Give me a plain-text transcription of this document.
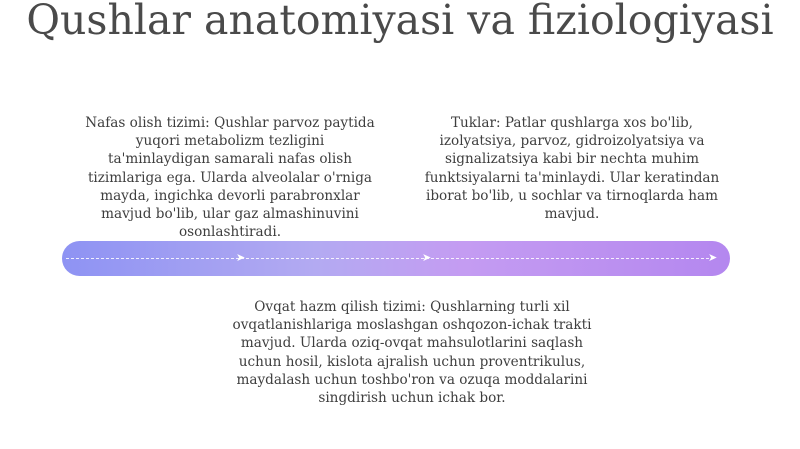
Qushlar anatomiyasi va fiziologiyasi
Nafas olish tizimi: Qushlar parvoz paytida yuqori metabolizm tezligini ta'minlaydigan samarali nafas olish tizimlariga ega. Ularda alveolalar o'rniga mayda, ingichka devorli parabronxlar mavjud bo'lib, ular gaz almashinuvini osonlashtiradi.
Tuklar: Patlar qushlarga xos bo'lib, izolyatsiya, parvoz, gidroizolyatsiya va signalizatsiya kabi bir nechta muhim funktsiyalarni ta'minlaydi. Ular keratindan iborat bo'lib, u sochlar va tirnoqlarda ham mavjud.
➤	➤	➤
Ovqat hazm qilish tizimi: Qushlarning turli xil ovqatlanishlariga moslashgan oshqozon-ichak trakti mavjud. Ularda oziq-ovqat mahsulotlarini saqlash uchun hosil, kislota ajralish uchun proventrikulus, maydalash uchun toshbo'ron va ozuqa moddalarini singdirish uchun ichak bor.
